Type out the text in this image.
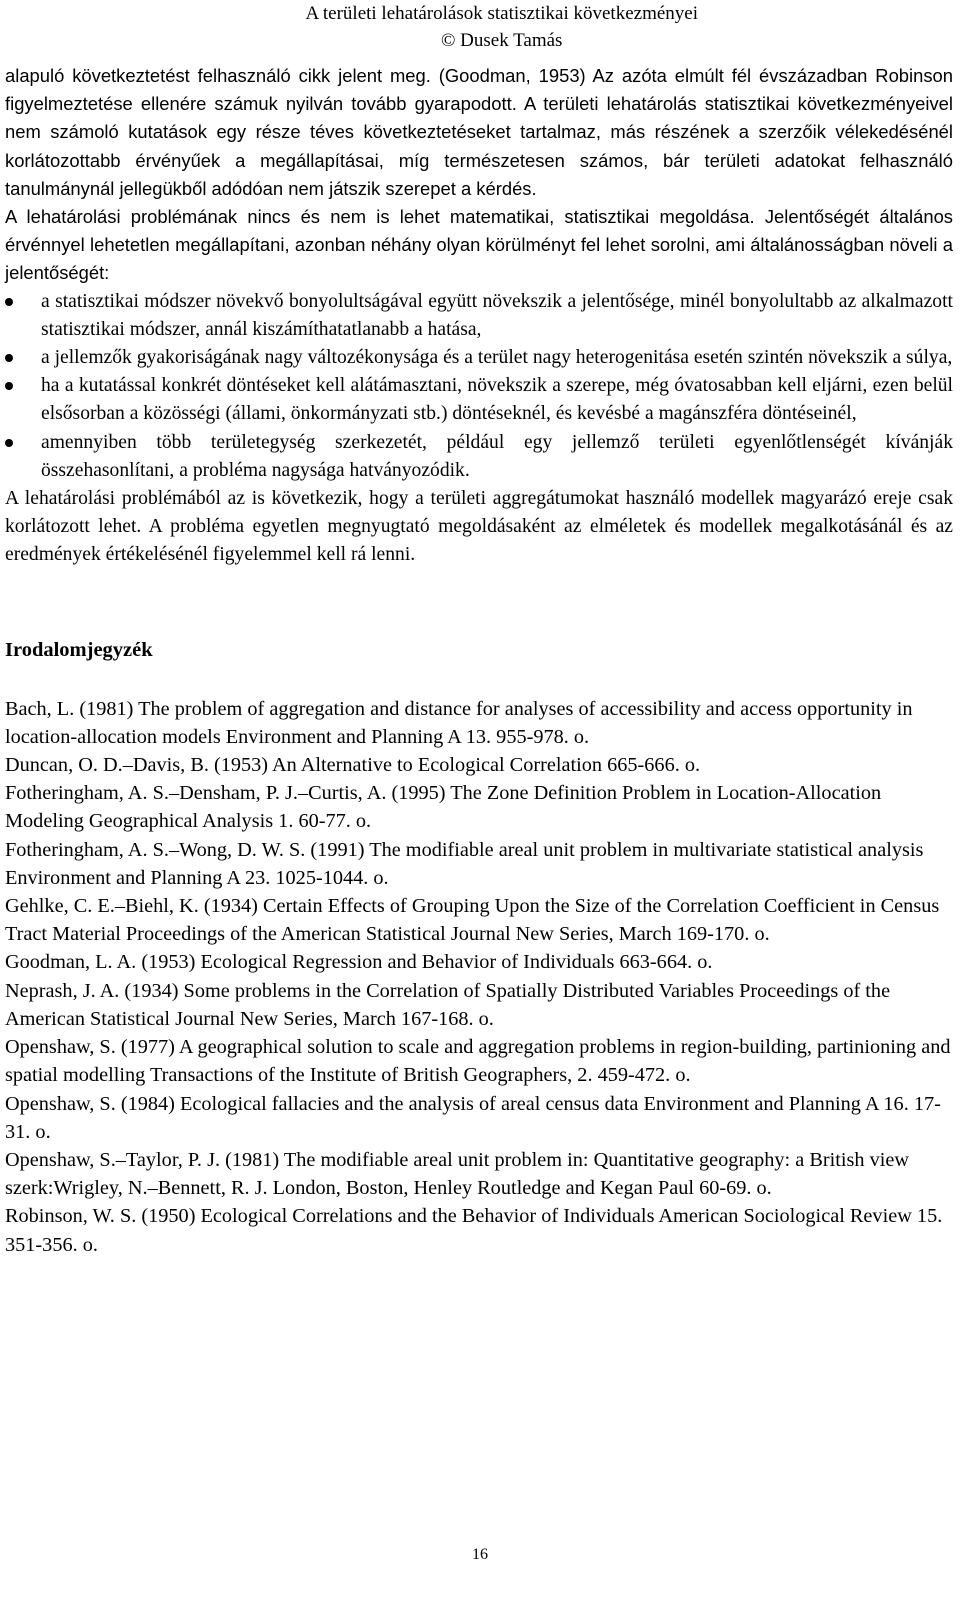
A területi lehatárolások statisztikai következményei
© Dusek Tamás

alapuló következtetést felhasználó cikk jelent meg. (Goodman, 1953) Az azóta elmúlt fél évszázadban Robinson figyelmeztetése ellenére számuk nyilván tovább gyarapodott. A területi lehatárolás statisztikai következményeivel nem számoló kutatások egy része téves következtetéseket tartalmaz, más részének a szerzőik vélekedésénél korlátozottabb érvényűek a megállapításai, míg természetesen számos, bár területi adatokat felhasználó tanulmánynál jellegükből adódóan nem játszik szerepet a kérdés.

A lehatárolási problémának nincs és nem is lehet matematikai, statisztikai megoldása. Jelentőségét általános érvénnyel lehetetlen megállapítani, azonban néhány olyan körülményt fel lehet sorolni, ami általánosságban növeli a jelentőségét:

a statisztikai módszer növekvő bonyolultságával együtt növekszik a jelentősége, minél bonyolultabb az alkalmazott statisztikai módszer, annál kiszámíthatatlanabb a hatása,
a jellemzők gyakoriságának nagy változékonysága és a terület nagy heterogenitása esetén szintén növekszik a súlya,
ha a kutatással konkrét döntéseket kell alátámasztani, növekszik a szerepe, még óvatosabban kell eljárni, ezen belül elsősorban a közösségi (állami, önkormányzati stb.) döntéseknél, és kevésbé a magánszféra döntéseinél,
amennyiben több területegység szerkezetét, például egy jellemző területi egyenlőtlenségét kívánják összehasonlítani, a probléma nagysága hatványozódik.

A lehatárolási problémából az is következik, hogy a területi aggregátumokat használó modellek magyarázó ereje csak korlátozott lehet. A probléma egyetlen megnyugtató megoldásaként az elméletek és modellek megalkotásánál és az eredmények értékelésénél figyelemmel kell rá lenni.

Irodalomjegyzék

Bach, L. (1981) The problem of aggregation and distance for analyses of accessibility and access opportunity in location-allocation models Environment and Planning A 13. 955-978. o.

Duncan, O. D.–Davis, B. (1953) An Alternative to Ecological Correlation 665-666. o.

Fotheringham, A. S.–Densham, P. J.–Curtis, A. (1995) The Zone Definition Problem in Location-Allocation Modeling Geographical Analysis 1. 60-77. o.

Fotheringham, A. S.–Wong, D. W. S. (1991) The modifiable areal unit problem in multivariate statistical analysis Environment and Planning A 23. 1025-1044. o.

Gehlke, C. E.–Biehl, K. (1934) Certain Effects of Grouping Upon the Size of the Correlation Coefficient in Census Tract Material Proceedings of the American Statistical Journal New Series, March 169-170. o.

Goodman, L. A. (1953) Ecological Regression and Behavior of Individuals 663-664. o.

Neprash, J. A. (1934) Some problems in the Correlation of Spatially Distributed Variables Proceedings of the American Statistical Journal New Series, March 167-168. o.

Openshaw, S. (1977) A geographical solution to scale and aggregation problems in region-building, partinioning and spatial modelling Transactions of the Institute of British Geographers, 2. 459-472. o.

Openshaw, S. (1984) Ecological fallacies and the analysis of areal census data Environment and Planning A 16. 17-31. o.

Openshaw, S.–Taylor, P. J. (1981) The modifiable areal unit problem in: Quantitative geography: a British view szerk:Wrigley, N.–Bennett, R. J. London, Boston, Henley Routledge and Kegan Paul 60-69. o.

Robinson, W. S. (1950) Ecological Correlations and the Behavior of Individuals American Sociological Review 15. 351-356. o.

16
